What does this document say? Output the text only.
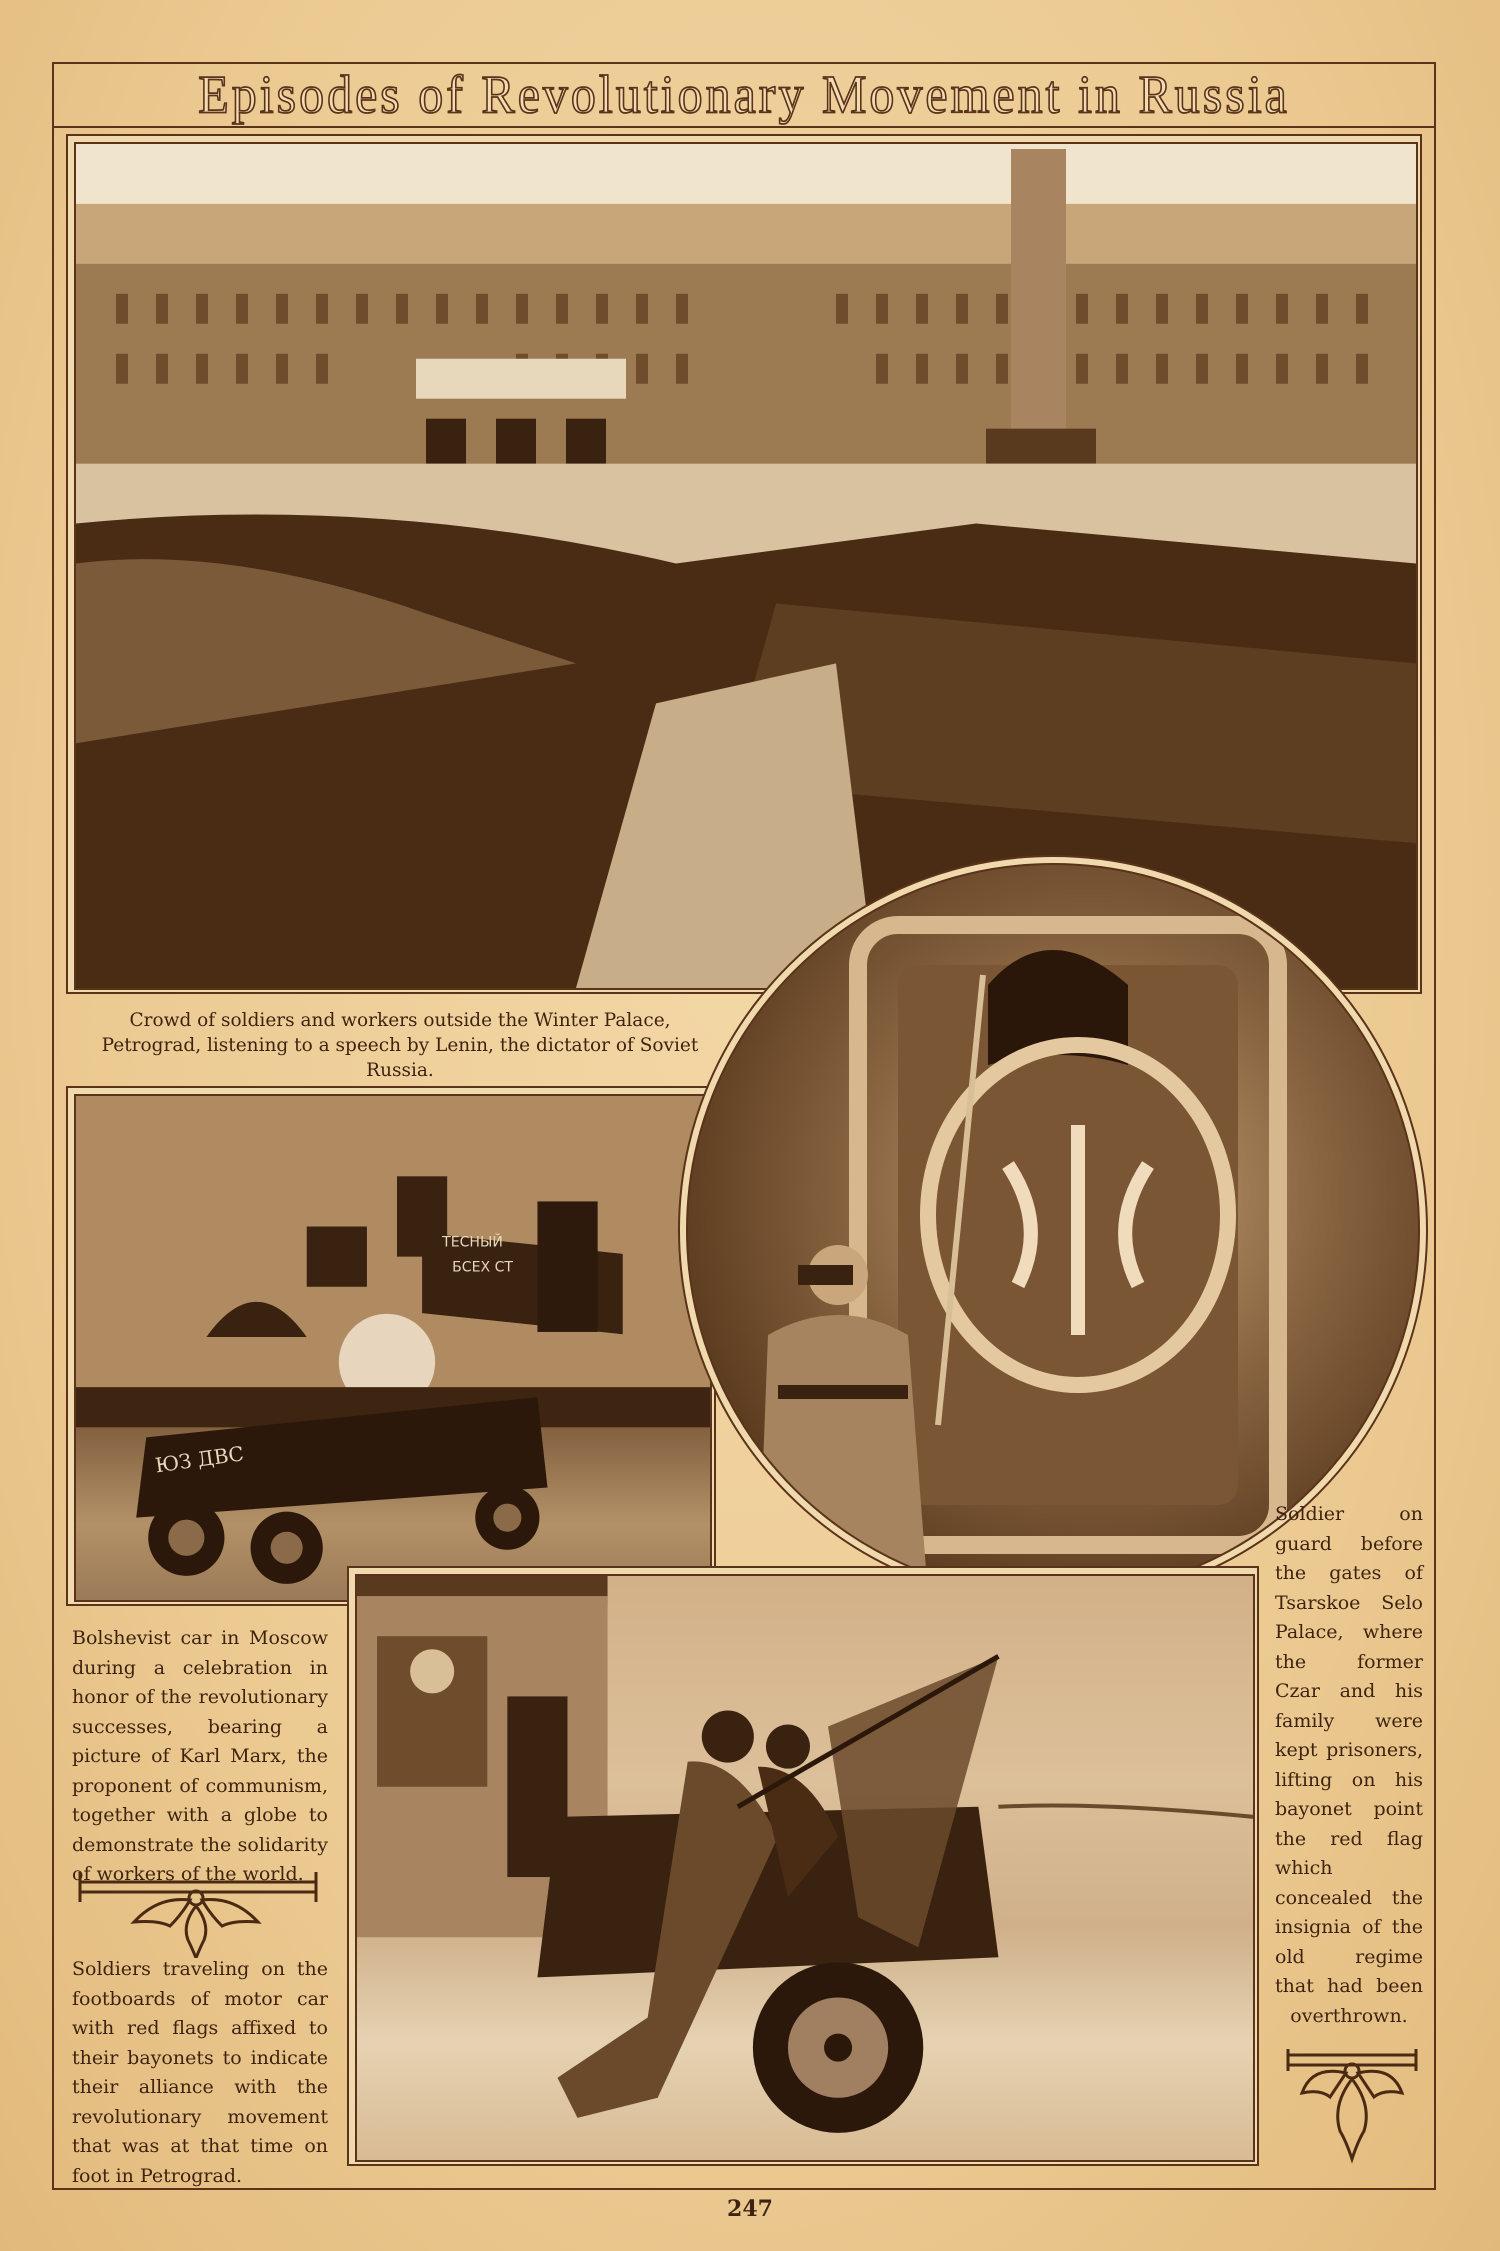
Episodes of Revolutionary Movement in Russia
Crowd of soldiers and workers outside the Winter Palace, Petrograd, listening to a speech by Lenin, the dictator of Soviet Russia.
ЮЗ ДВС
ТЕСНЫЙ
БСЕХ СТ
Soldier on guard before the gates of Tsarskoe Selo Palace, where the former Czar and his family were kept prisoners, lifting on his bayonet point the red flag which concealed the insignia of the old regime that had been overthrown.
Bolshevist car in Moscow during a celebration in honor of the revolutionary successes, bearing a picture of Karl Marx, the proponent of communism, together with a globe to demonstrate the solidarity of workers of the world.
Soldiers traveling on the footboards of motor car with red flags affixed to their bayonets to indicate their alliance with the revolutionary movement that was at that time on foot in Petrograd.
247
